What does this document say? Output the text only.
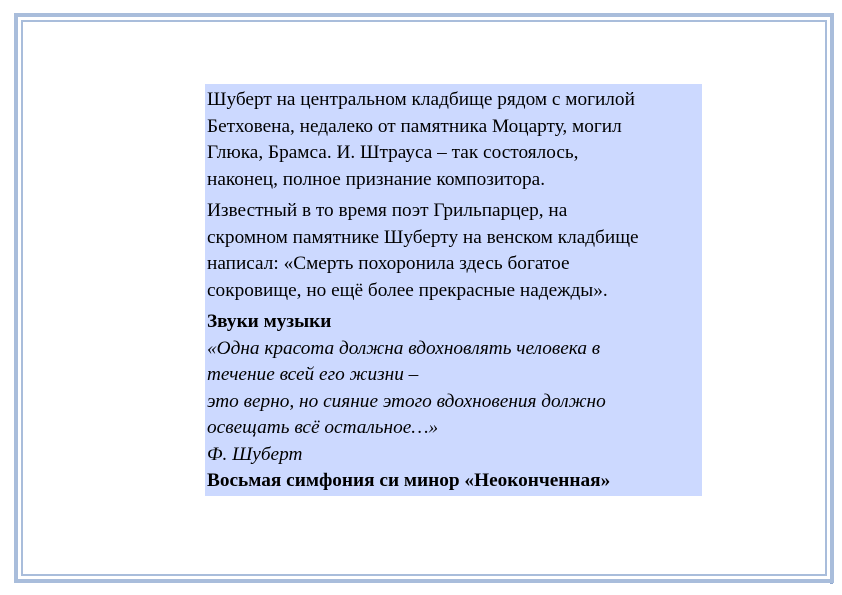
Шуберт на центральном кладбище рядом с могилой
Бетховена, недалеко от памятника Моцарту, могил
Глюка, Брамса. И. Штрауса – так состоялось,
наконец, полное признание композитора.

Известный в то время поэт Грильпарцер, на
скромном памятнике Шуберту на венском кладбище
написал: «Смерть похоронила здесь богатое
сокровище, но ещё более прекрасные надежды».

Звуки музыки

«Одна красота должна вдохновлять человека в
течение всей его жизни –
это верно, но сияние этого вдохновения должно
освещать всё остальное…»
Ф. Шуберт

Восьмая симфония си минор «Неоконченная»
